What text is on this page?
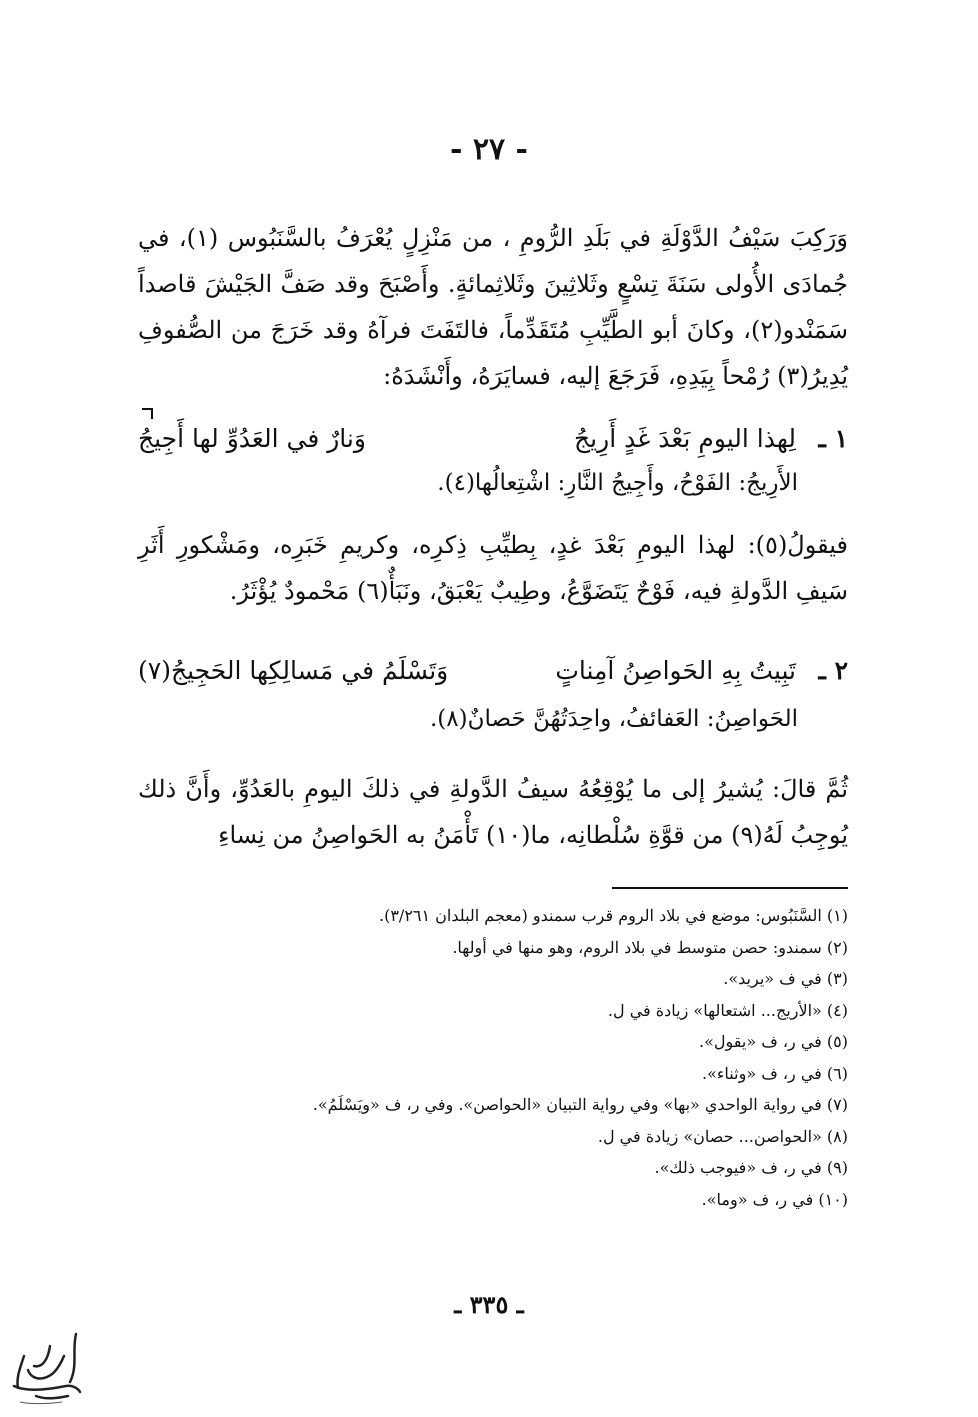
- ٢٧ -
وَرَكِبَ سَيْفُ الدَّوْلَةِ في بَلَدِ الرُّومِ ، من مَنْزِلٍ يُعْرَفُ بالسَّنَبُوس (١)، في جُمادَى الأُولى سَنَةَ تِسْعٍ وثَلاثِينَ وثَلاثِمائةٍ. وأَصْبَحَ وقد صَفَّ الجَيْشَ قاصداً سَمَنْدو(٢)، وكانَ أبو الطَّيِّبِ مُتَقَدِّماً، فالتَفَتَ فرآهُ وقد خَرَجَ من الصُّفوفِ يُدِيرُ(٣) رُمْحاً بِيَدِهِ، فَرَجَعَ إليه، فسايَرَهُ، وأَنْشَدَهُ:
١ ـ
لِهذا اليومِ بَعْدَ غَدٍ أَرِيجُ
وَنارٌ في العَدُوِّ لها أَجِيجُ
الأَرِيجُ: الفَوْحُ، وأَجِيجُ النَّارِ: اشْتِعالُها(٤).
فيقولُ(٥): لهذا اليومِ بَعْدَ غدٍ، بِطيِّبِ ذِكرِه، وكريمِ خَبَرِه، ومَشْكورِ أَثَرِ سَيفِ الدَّولةِ فيه، فَوْحٌ يَتَضَوَّعُ، وطِيبٌ يَعْبَقُ، ونَبَأٌ(٦) مَحْمودٌ يُؤْثَرُ.
٢ ـ
تَبِيتُ بِهِ الحَواصِنُ آمِناتٍ
وَتَسْلَمُ في مَسالِكِها الحَجِيجُ(٧)
الحَواصِنُ: العَفائفُ، واحِدَتُهُنَّ حَصانٌ(٨).
ثُمَّ قالَ: يُشيرُ إلى ما يُوْقِعُهُ سيفُ الدَّولةِ في ذلكَ اليومِ بالعَدُوِّ، وأَنَّ ذلك يُوجِبُ لَهُ(٩) من قوَّةِ سُلْطانِه، ما(١٠) تَأْمَنُ به الحَواصِنُ من نِساءِ
(١) السَّنَبُوس: موضع في بلاد الروم قرب سمندو (معجم البلدان ٣/٢٦١).
(٢) سمندو: حصن متوسط في بلاد الروم، وهو منها في أولها.
(٣) في ف «يريد».
(٤) «الأريج... اشتعالها» زيادة في ل.
(٥) في ر، ف «يقول».
(٦) في ر، ف «وثناء».
(٧) في رواية الواحدي «بها» وفي رواية التبيان «الحواصن». وفي ر، ف «ويَسْلَمُ».
(٨) «الحواصن... حصان» زيادة في ل.
(٩) في ر، ف «فيوجب ذلك».
(١٠) في ر، ف «وما».
ـ ٣٣٥ ـ
